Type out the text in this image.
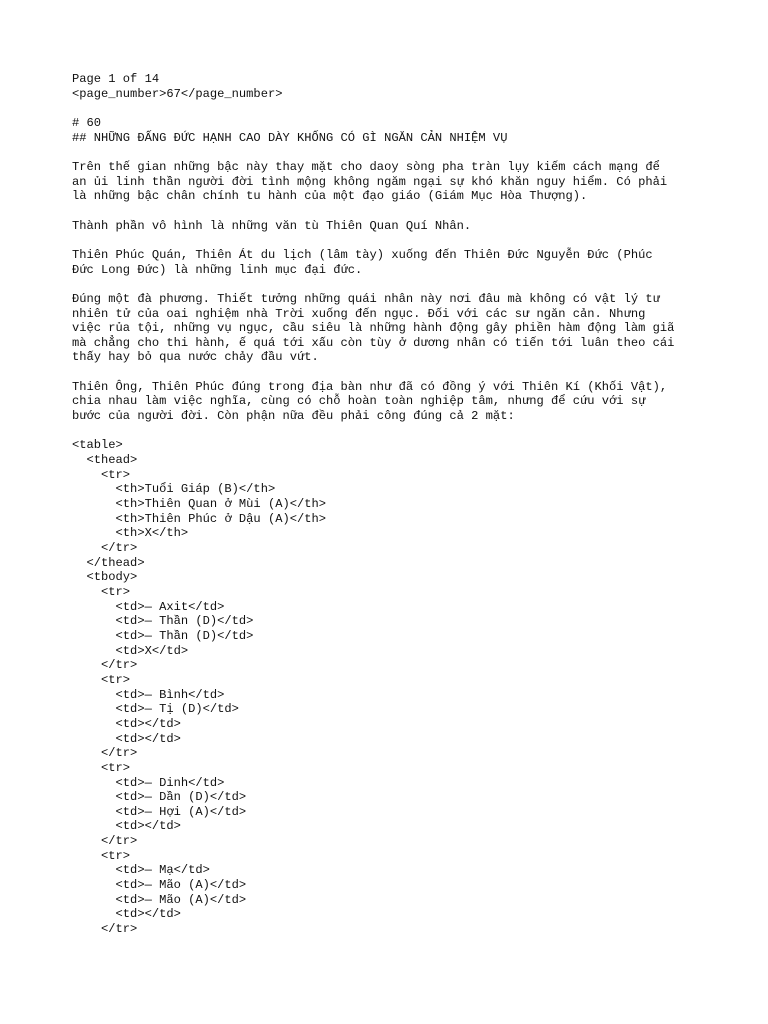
Page 1 of 14
<page_number>67</page_number>
# 60
## NHỮNG ĐẤNG ĐỨC HẠNH CAO DÀY KHỐNG CÓ GÌ NGĂN CẢN NHIỆM VỤ
Trên thế gian những bậc này thay mặt cho daoy sòng pha tràn lụy kiếm cách mạng để
an ủi linh thần người đời tình mộng không ngăm ngại sự khó khăn nguy hiểm. Có phải
là những bậc chân chính tu hành của một đạo giáo (Giám Mục Hòa Thượng).
Thành phần vô hình là những văn tù Thiên Quan Quí Nhân.
Thiên Phúc Quán, Thiên Át du lịch (lâm tày) xuống đến Thiên Đức Nguyễn Đức (Phúc
Đức Long Đức) là những linh mục đại đức.
Đúng một đà phương. Thiết tưởng những quái nhân này nơi đâu mà không có vật lý tư
nhiên tử của oai nghiệm nhà Trời xuống đến ngục. Đối với các sư ngăn cản. Nhưng
việc rủa tội, những vụ ngục, cầu siêu là những hành động gây phiền hàm động làm giã
mà chẳng cho thi hành, ế quá tới xấu còn tùy ở dương nhân có tiến tới luân theo cái
thấy hay bỏ qua nước chảy đầu vứt.
Thiên Ông, Thiên Phúc đúng trong địa bàn như đã có đồng ý với Thiên Kí (Khối Vật),
chia nhau làm việc nghĩa, cùng có chỗ hoàn toàn nghiệp tâm, nhưng để cứu với sự
bước của người đời. Còn phận nữa đều phải công đúng cả 2 mặt:
<table>
<thead>
<tr>
<th>Tuổi Giáp (B)</th>
<th>Thiên Quan ở Mùi (A)</th>
<th>Thiên Phúc ở Dậu (A)</th>
<th>X</th>
</tr>
</thead>
<tbody>
<tr>
<td>— Axit</td>
<td>— Thần (D)</td>
<td>— Thần (D)</td>
<td>X</td>
</tr>
<tr>
<td>— Bình</td>
<td>— Tị (D)</td>
<td></td>
<td></td>
</tr>
<tr>
<td>— Dinh</td>
<td>— Dần (D)</td>
<td>— Hợi (A)</td>
<td></td>
</tr>
<tr>
<td>— Mạ</td>
<td>— Mão (A)</td>
<td>— Mão (A)</td>
<td></td>
</tr>
